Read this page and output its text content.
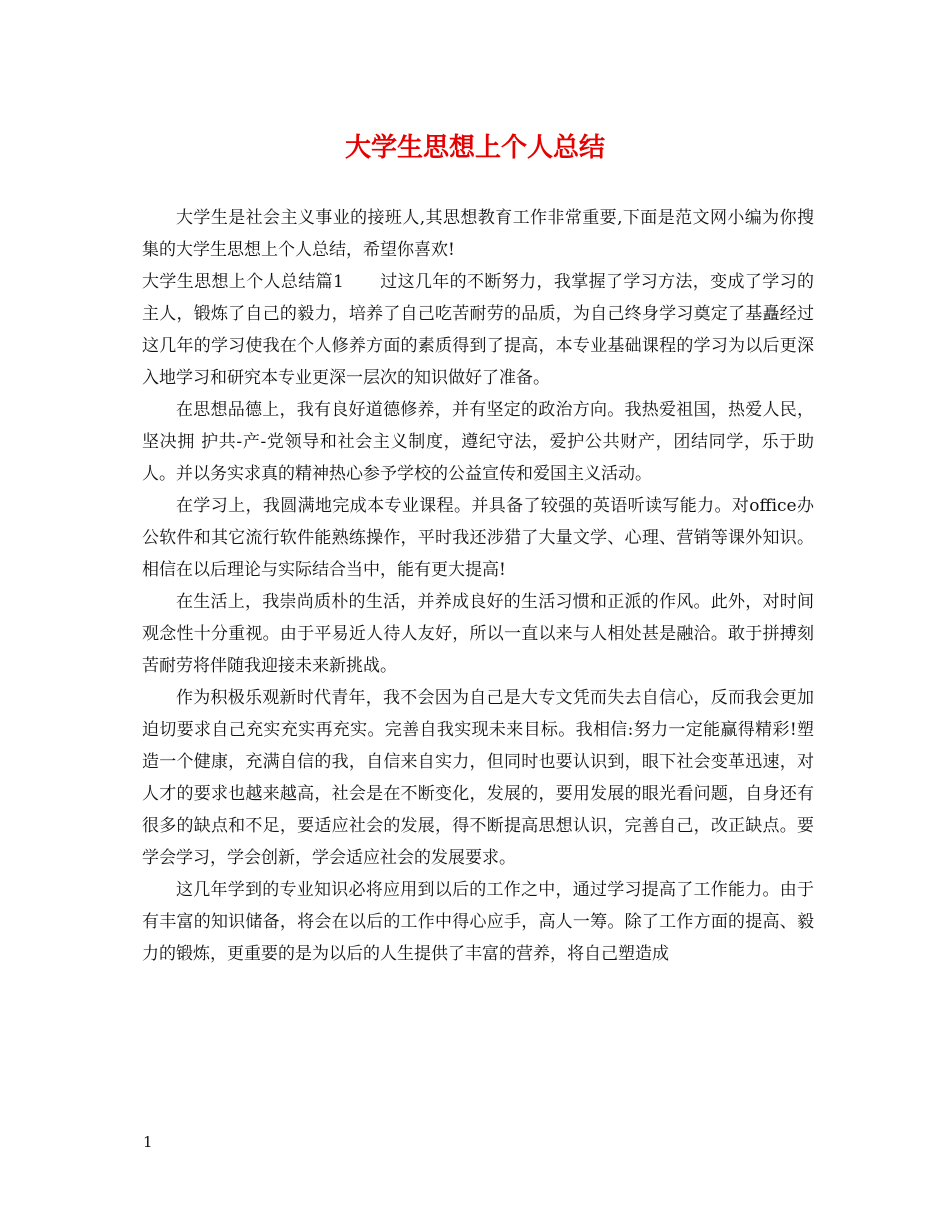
大学生思想上个人总结

大学生是社会主义事业的接班人,其思想教育工作非常重要,下面是范文网小编为你搜集的大学生思想上个人总结，希望你喜欢!

大学生思想上个人总结篇1 过这几年的不断努力，我掌握了学习方法，变成了学习的主人，锻炼了自己的毅力，培养了自己吃苦耐劳的品质，为自己终身学习奠定了基矗经过这几年的学习使我在个人修养方面的素质得到了提高，本专业基础课程的学习为以后更深入地学习和研究本专业更深一层次的知识做好了准备。

在思想品德上，我有良好道德修养，并有坚定的政治方向。我热爱祖国，热爱人民，坚决拥 护共-产-党领导和社会主义制度，遵纪守法，爱护公共财产，团结同学，乐于助人。并以务实求真的精神热心参予学校的公益宣传和爱国主义活动。

在学习上，我圆满地完成本专业课程。并具备了较强的英语听读写能力。对office办公软件和其它流行软件能熟练操作，平时我还涉猎了大量文学、心理、营销等课外知识。相信在以后理论与实际结合当中，能有更大提高!

在生活上，我崇尚质朴的生活，并养成良好的生活习惯和正派的作风。此外，对时间观念性十分重视。由于平易近人待人友好，所以一直以来与人相处甚是融洽。敢于拼搏刻苦耐劳将伴随我迎接未来新挑战。

作为积极乐观新时代青年，我不会因为自己是大专文凭而失去自信心，反而我会更加迫切要求自己充实充实再充实。完善自我实现未来目标。我相信:努力一定能赢得精彩!塑造一个健康，充满自信的我，自信来自实力，但同时也要认识到，眼下社会变革迅速，对人才的要求也越来越高，社会是在不断变化，发展的，要用发展的眼光看问题，自身还有很多的缺点和不足，要适应社会的发展，得不断提高思想认识，完善自己，改正缺点。要学会学习，学会创新，学会适应社会的发展要求。

这几年学到的专业知识必将应用到以后的工作之中，通过学习提高了工作能力。由于有丰富的知识储备，将会在以后的工作中得心应手，高人一筹。除了工作方面的提高、毅力的锻炼，更重要的是为以后的人生提供了丰富的营养，将自己塑造成

1
